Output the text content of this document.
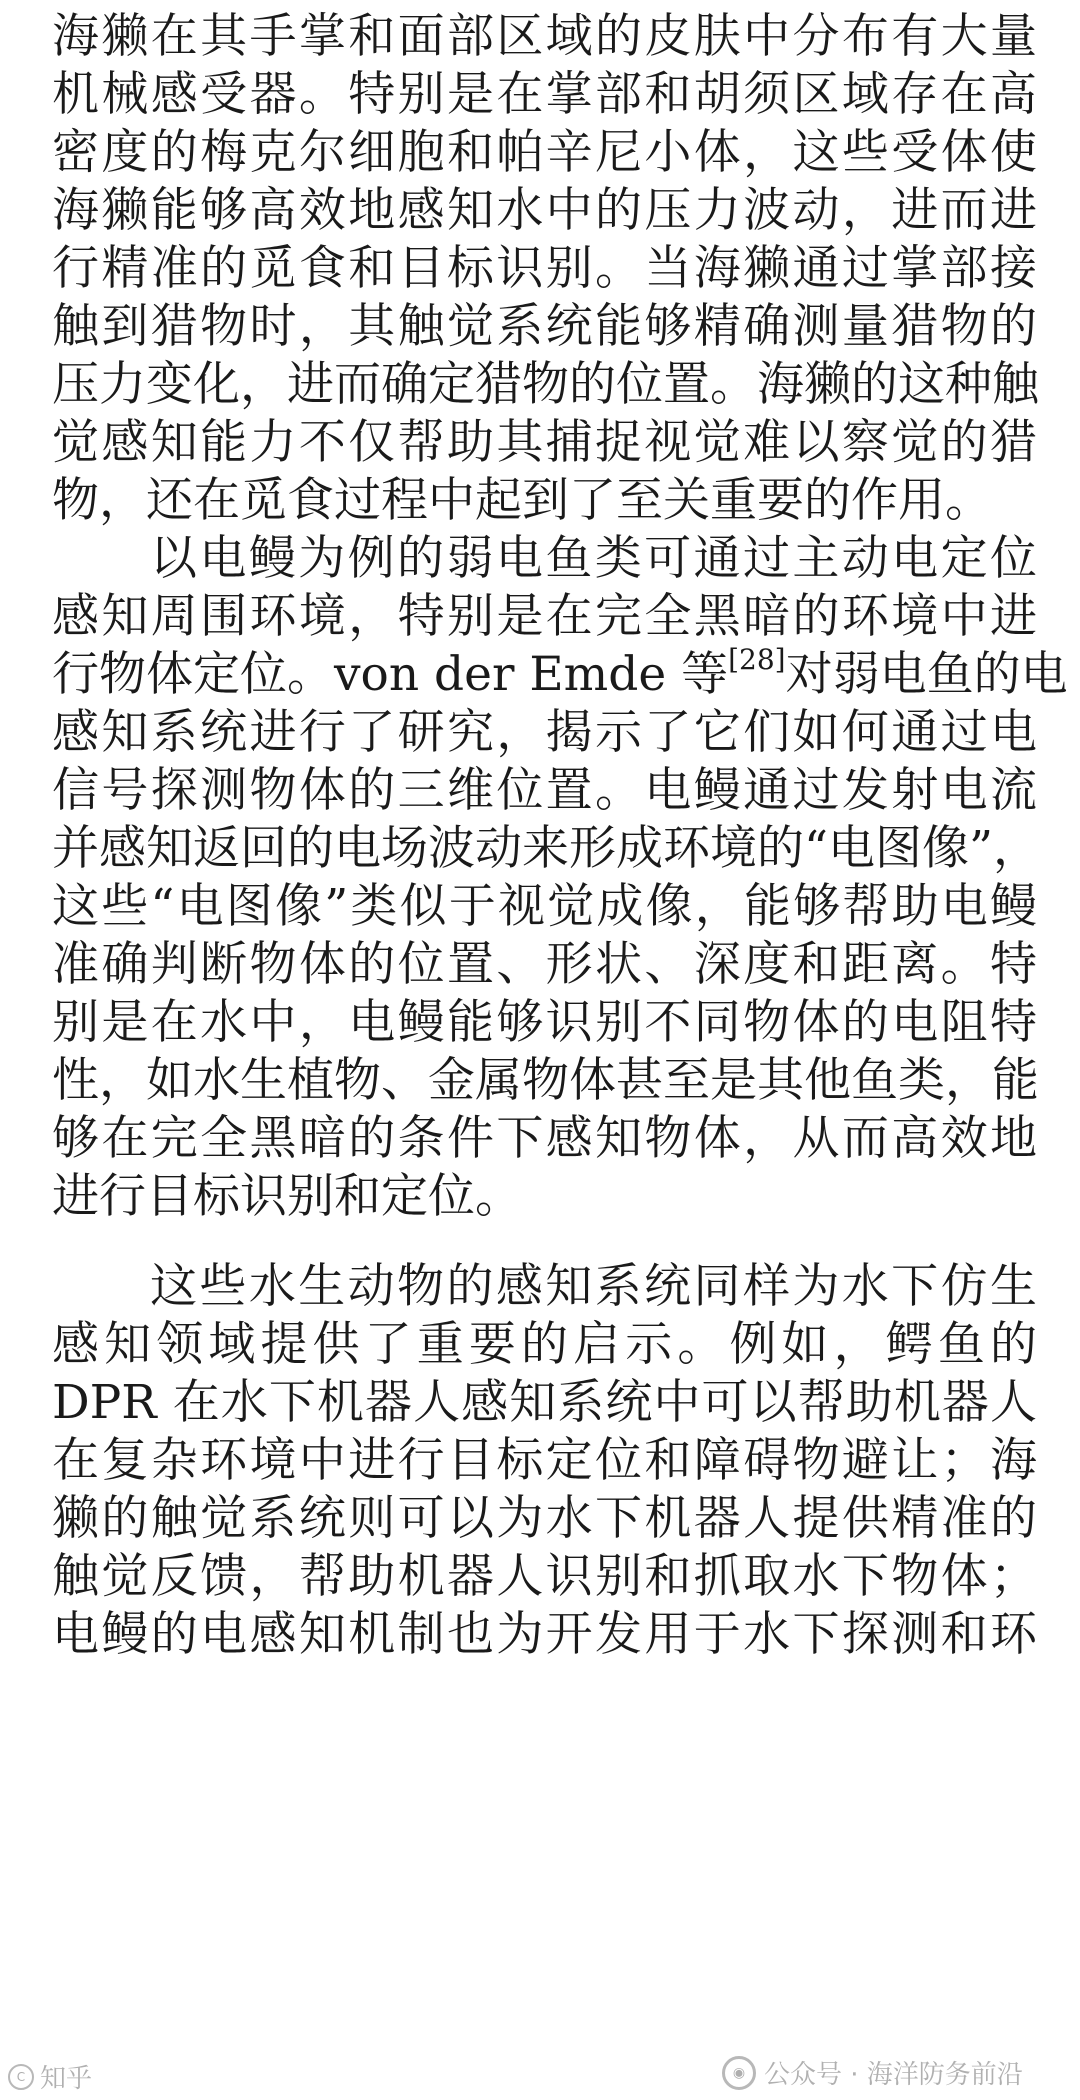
海獭在其手掌和面部区域的皮肤中分布有大量
机械感受器。特别是在掌部和胡须区域存在高
密度的梅克尔细胞和帕辛尼小体，这些受体使
海獭能够高效地感知水中的压力波动，进而进
行精准的觅食和目标识别。当海獭通过掌部接
触到猎物时，其触觉系统能够精确测量猎物的
压力变化，进而确定猎物的位置。海獭的这种触
觉感知能力不仅帮助其捕捉视觉难以察觉的猎
物，还在觅食过程中起到了至关重要的作用。
以电鳗为例的弱电鱼类可通过主动电定位
感知周围环境，特别是在完全黑暗的环境中进
行物体定位。von der Emde 等[28]对弱电鱼的电
感知系统进行了研究，揭示了它们如何通过电
信号探测物体的三维位置。电鳗通过发射电流
并感知返回的电场波动来形成环境的“电图像”，
这些“电图像”类似于视觉成像，能够帮助电鳗
准确判断物体的位置、形状、深度和距离。特
别是在水中，电鳗能够识别不同物体的电阻特
性，如水生植物、金属物体甚至是其他鱼类，能
够在完全黑暗的条件下感知物体，从而高效地
进行目标识别和定位。
这些水生动物的感知系统同样为水下仿生
感知领域提供了重要的启示。例如，鳄鱼的
DPR 在水下机器人感知系统中可以帮助机器人
在复杂环境中进行目标定位和障碍物避让；海
獭的触觉系统则可以为水下机器人提供精准的
触觉反馈，帮助机器人识别和抓取水下物体；
电鳗的电感知机制也为开发用于水下探测和环
C 知乎	◉ 公众号 · 海洋防务前沿
